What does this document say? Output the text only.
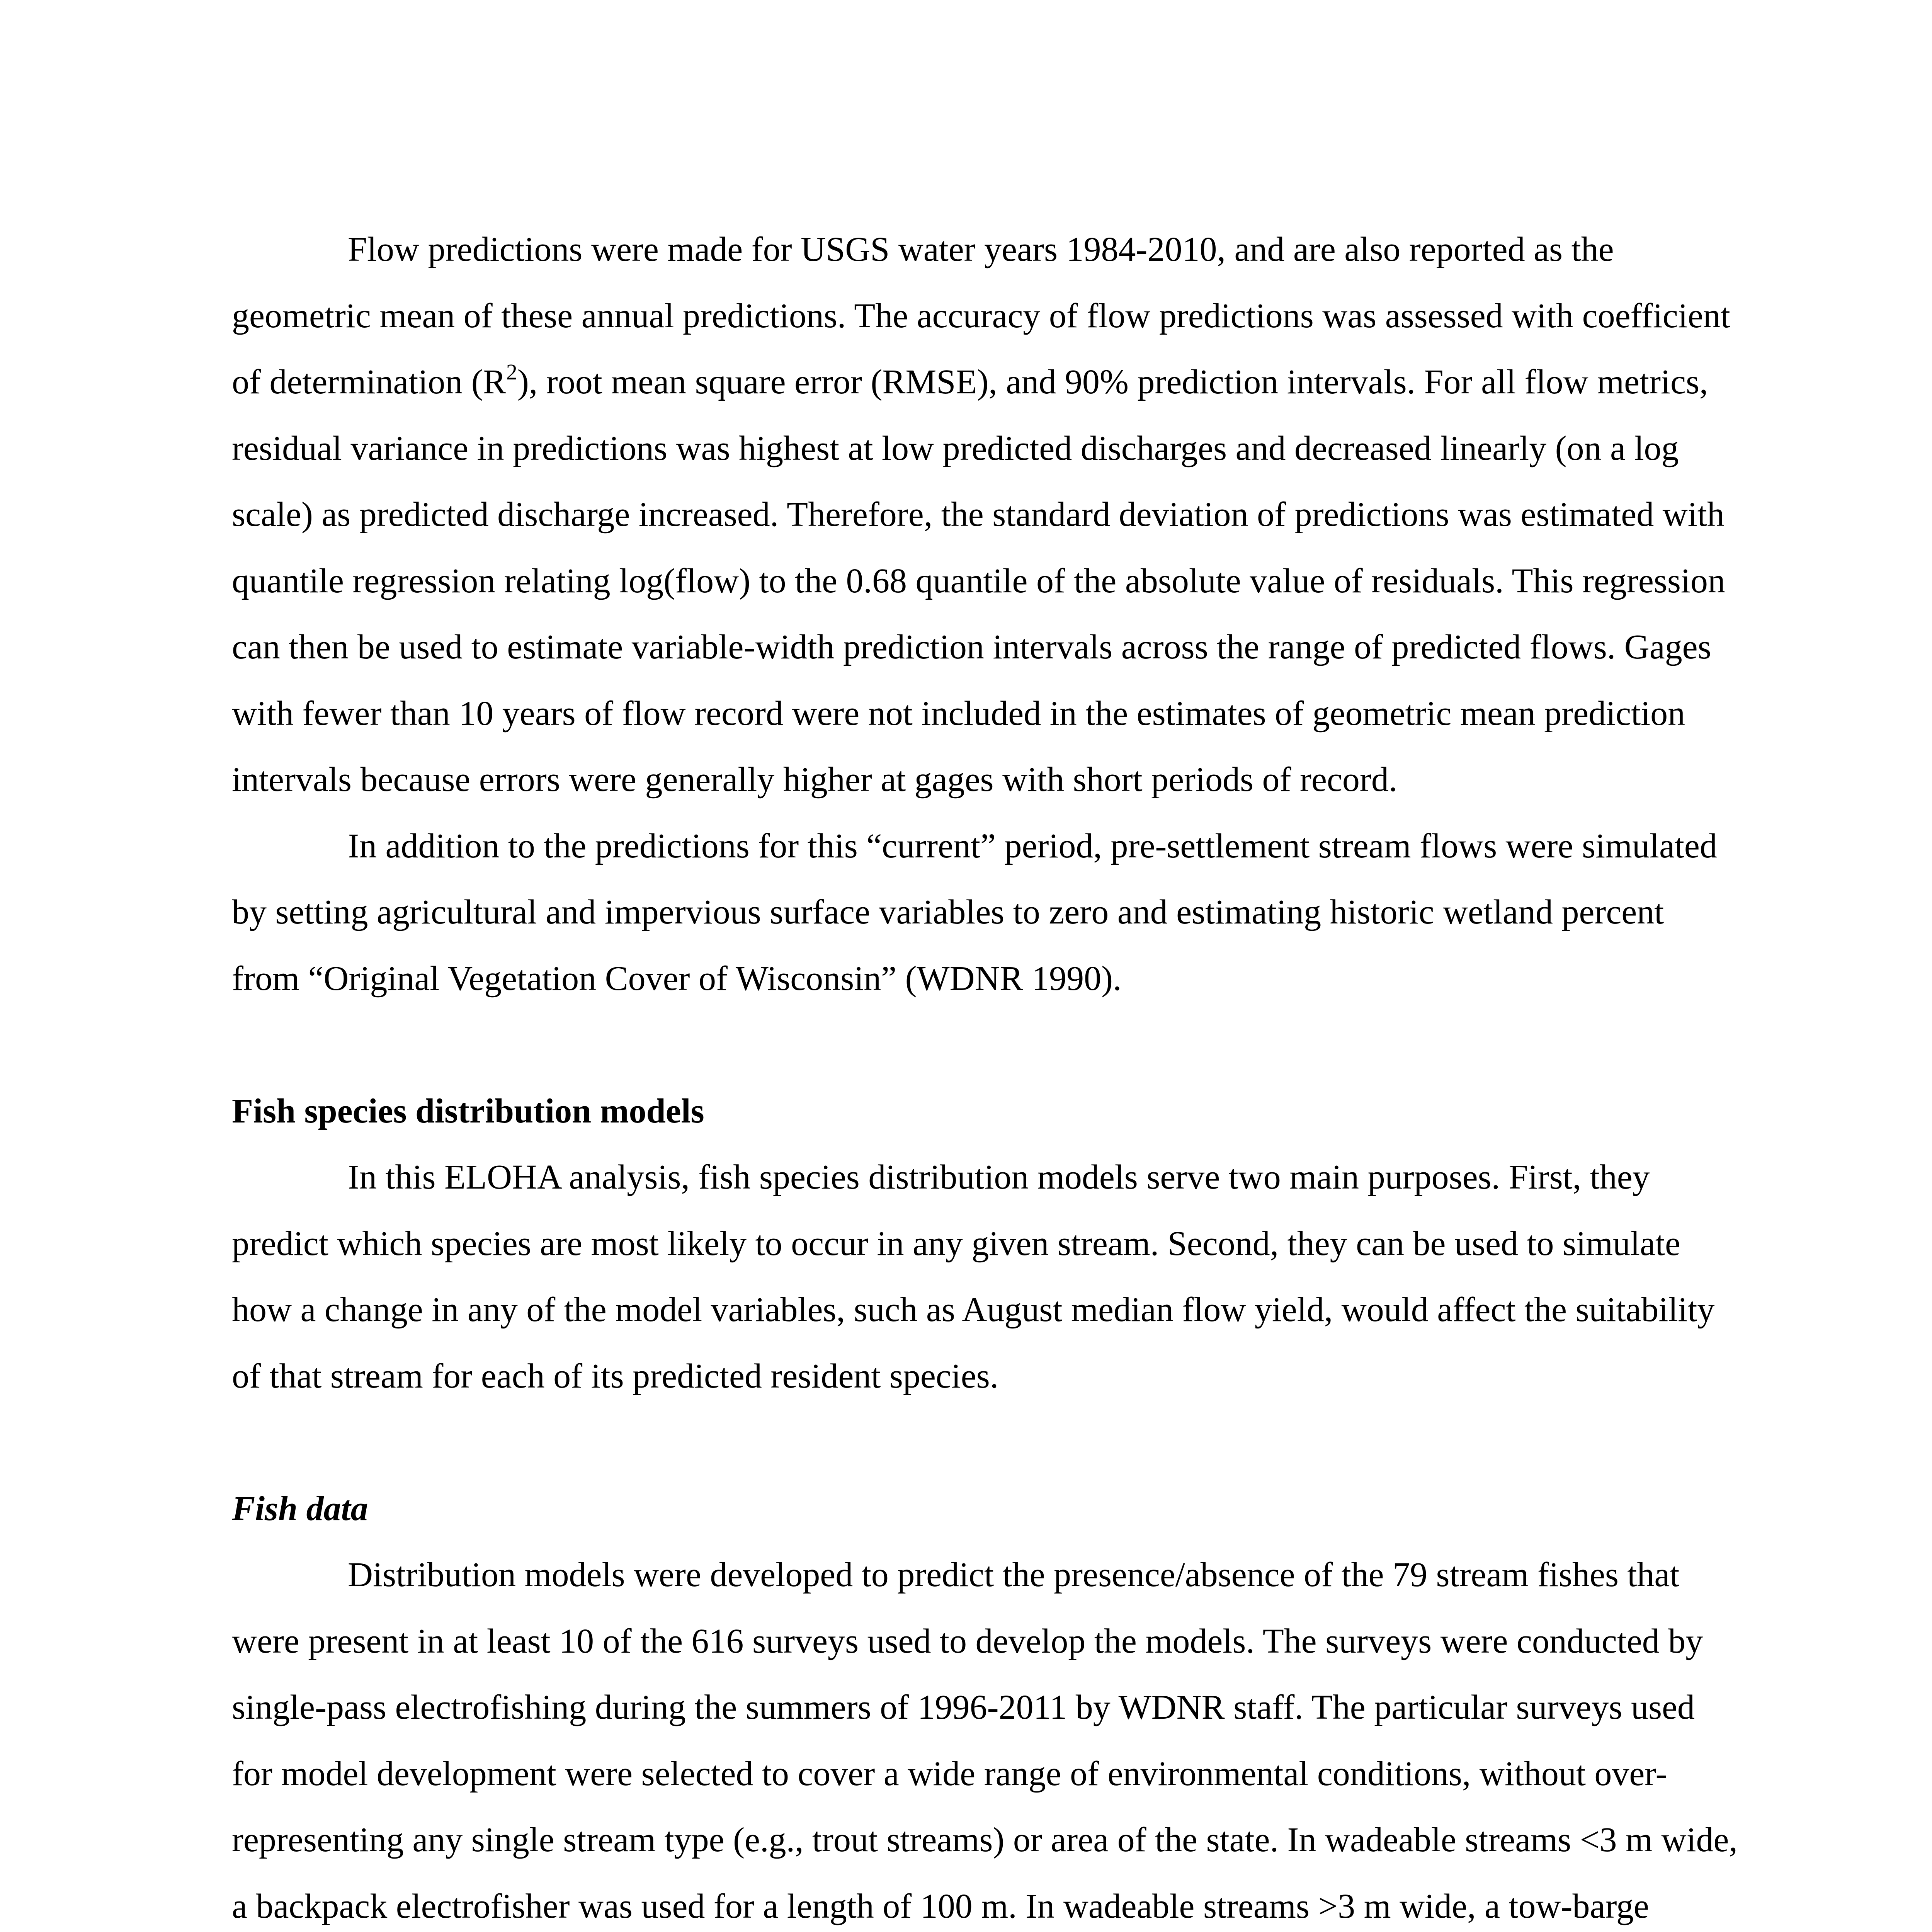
Flow predictions were made for USGS water years 1984-2010, and are also reported as the geometric mean of these annual predictions. The accuracy of flow predictions was assessed with coefficient of determination $(R^2)$, root mean square error (RMSE), and 90% prediction intervals. For all flow metrics, residual variance in predictions was highest at low predicted discharges and decreased linearly (on a log scale) as predicted discharge increased. Therefore, the standard deviation of predictions was estimated with quantile regression relating log(flow) to the 0.68 quantile of the absolute value of residuals. This regression can then be used to estimate variable-width prediction intervals across the range of predicted flows. Gages with fewer than 10 years of flow record were not included in the estimates of geometric mean prediction intervals because errors were generally higher at gages with short periods of record.

In addition to the predictions for this “current” period, pre-settlement stream flows were simulated by setting agricultural and impervious surface variables to zero and estimating historic wetland percent from “Original Vegetation Cover of Wisconsin” (WDNR 1990).

Fish species distribution models

In this ELOHA analysis, fish species distribution models serve two main purposes. First, they predict which species are most likely to occur in any given stream. Second, they can be used to simulate how a change in any of the model variables, such as August median flow yield, would affect the suitability of that stream for each of its predicted resident species.

Fish data

Distribution models were developed to predict the presence/absence of the 79 stream fishes that were present in at least 10 of the 616 surveys used to develop the models. The surveys were conducted by single-pass electrofishing during the summers of 1996-2011 by WDNR staff. The particular surveys used for model development were selected to cover a wide range of environmental conditions, without over-representing any single stream type (e.g., trout streams) or area of the state. In wadeable streams <3 m wide, a backpack electrofisher was used for a length of 100 m. In wadeable streams >3 m wide, a tow-barge
